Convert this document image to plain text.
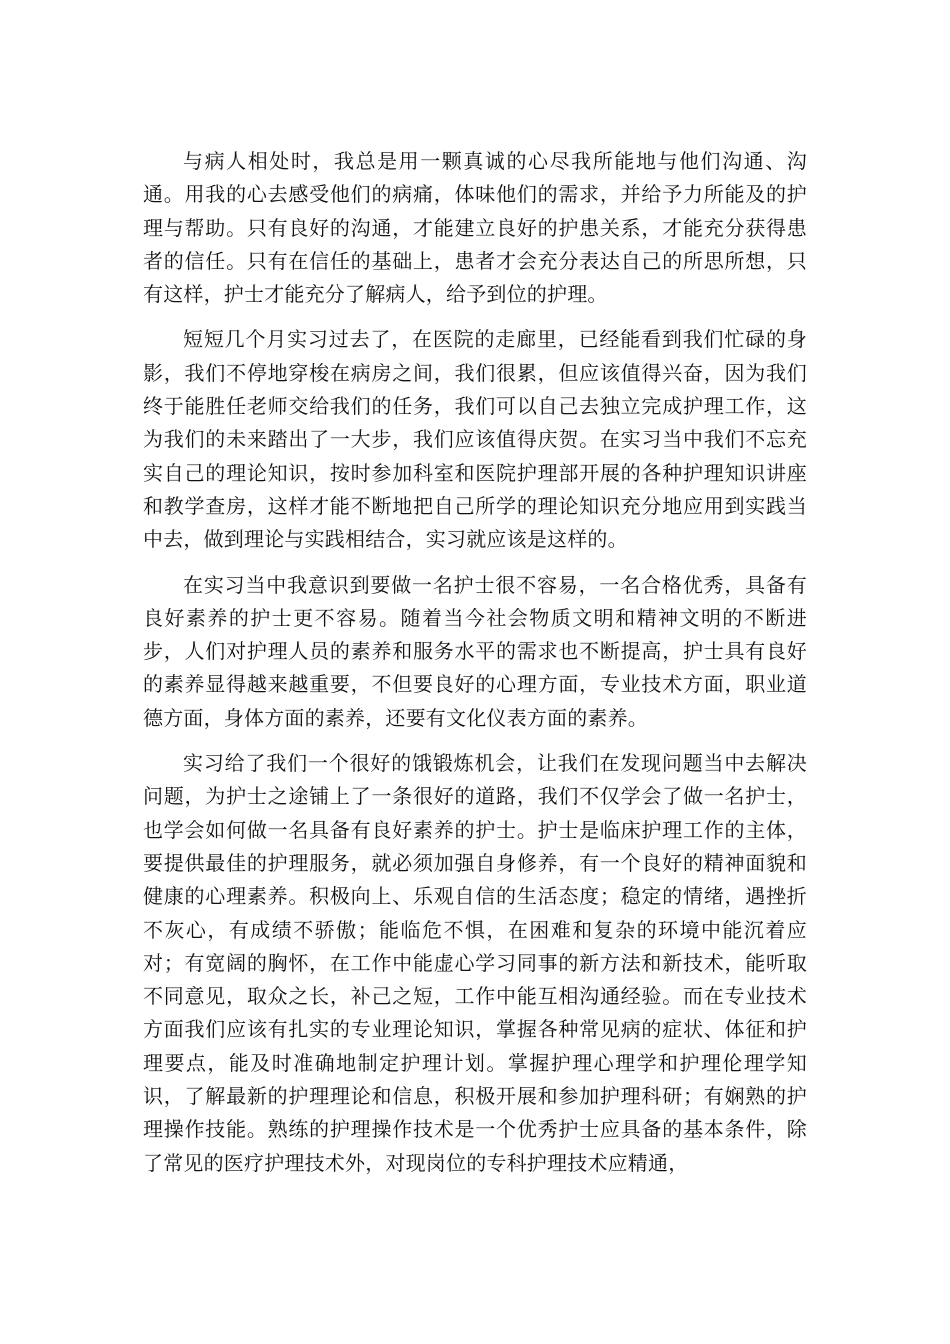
与病人相处时，我总是用一颗真诚的心尽我所能地与他们沟通、沟通。用我的心去感受他们的病痛，体味他们的需求，并给予力所能及的护理与帮助。只有良好的沟通，才能建立良好的护患关系，才能充分获得患者的信任。只有在信任的基础上，患者才会充分表达自己的所思所想，只有这样，护士才能充分了解病人，给予到位的护理。

短短几个月实习过去了，在医院的走廊里，已经能看到我们忙碌的身影，我们不停地穿梭在病房之间，我们很累，但应该值得兴奋，因为我们终于能胜任老师交给我们的任务，我们可以自己去独立完成护理工作，这为我们的未来踏出了一大步，我们应该值得庆贺。在实习当中我们不忘充实自己的理论知识，按时参加科室和医院护理部开展的各种护理知识讲座和教学查房，这样才能不断地把自己所学的理论知识充分地应用到实践当中去，做到理论与实践相结合，实习就应该是这样的。

在实习当中我意识到要做一名护士很不容易，一名合格优秀，具备有良好素养的护士更不容易。随着当今社会物质文明和精神文明的不断进步，人们对护理人员的素养和服务水平的需求也不断提高，护士具有良好的素养显得越来越重要，不但要良好的心理方面，专业技术方面，职业道德方面，身体方面的素养，还要有文化仪表方面的素养。

实习给了我们一个很好的饿锻炼机会，让我们在发现问题当中去解决问题，为护士之途铺上了一条很好的道路，我们不仅学会了做一名护士，也学会如何做一名具备有良好素养的护士。护士是临床护理工作的主体，要提供最佳的护理服务，就必须加强自身修养，有一个良好的精神面貌和健康的心理素养。积极向上、乐观自信的生活态度；稳定的情绪，遇挫折不灰心，有成绩不骄傲；能临危不惧，在困难和复杂的环境中能沉着应对；有宽阔的胸怀，在工作中能虚心学习同事的新方法和新技术，能听取不同意见，取众之长，补己之短，工作中能互相沟通经验。而在专业技术方面我们应该有扎实的专业理论知识，掌握各种常见病的症状、体征和护理要点，能及时准确地制定护理计划。掌握护理心理学和护理伦理学知识，了解最新的护理理论和信息，积极开展和参加护理科研；有娴熟的护理操作技能。熟练的护理操作技术是一个优秀护士应具备的基本条件，除了常见的医疗护理技术外，对现岗位的专科护理技术应精通，
